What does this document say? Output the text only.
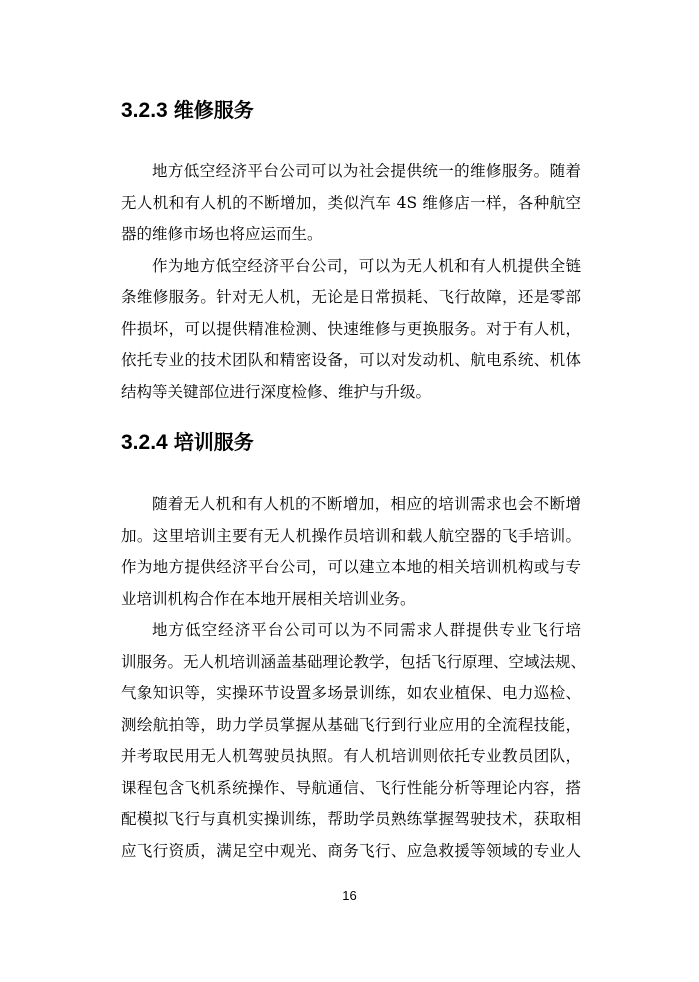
3.2.3 维修服务
地方低空经济平台公司可以为社会提供统一的维修服务。随着
无人机和有人机的不断增加，类似汽车 4S 维修店一样，各种航空
器的维修市场也将应运而生。
作为地方低空经济平台公司，可以为无人机和有人机提供全链
条维修服务。针对无人机，无论是日常损耗、飞行故障，还是零部
件损坏，可以提供精准检测、快速维修与更换服务。对于有人机，
依托专业的技术团队和精密设备，可以对发动机、航电系统、机体
结构等关键部位进行深度检修、维护与升级。
3.2.4 培训服务
随着无人机和有人机的不断增加，相应的培训需求也会不断增
加。这里培训主要有无人机操作员培训和载人航空器的飞手培训。
作为地方提供经济平台公司，可以建立本地的相关培训机构或与专
业培训机构合作在本地开展相关培训业务。
地方低空经济平台公司可以为不同需求人群提供专业飞行培
训服务。无人机培训涵盖基础理论教学，包括飞行原理、空域法规、
气象知识等，实操环节设置多场景训练，如农业植保、电力巡检、
测绘航拍等，助力学员掌握从基础飞行到行业应用的全流程技能，
并考取民用无人机驾驶员执照。有人机培训则依托专业教员团队，
课程包含飞机系统操作、导航通信、飞行性能分析等理论内容，搭
配模拟飞行与真机实操训练，帮助学员熟练掌握驾驶技术，获取相
应飞行资质，满足空中观光、商务飞行、应急救援等领域的专业人
16
